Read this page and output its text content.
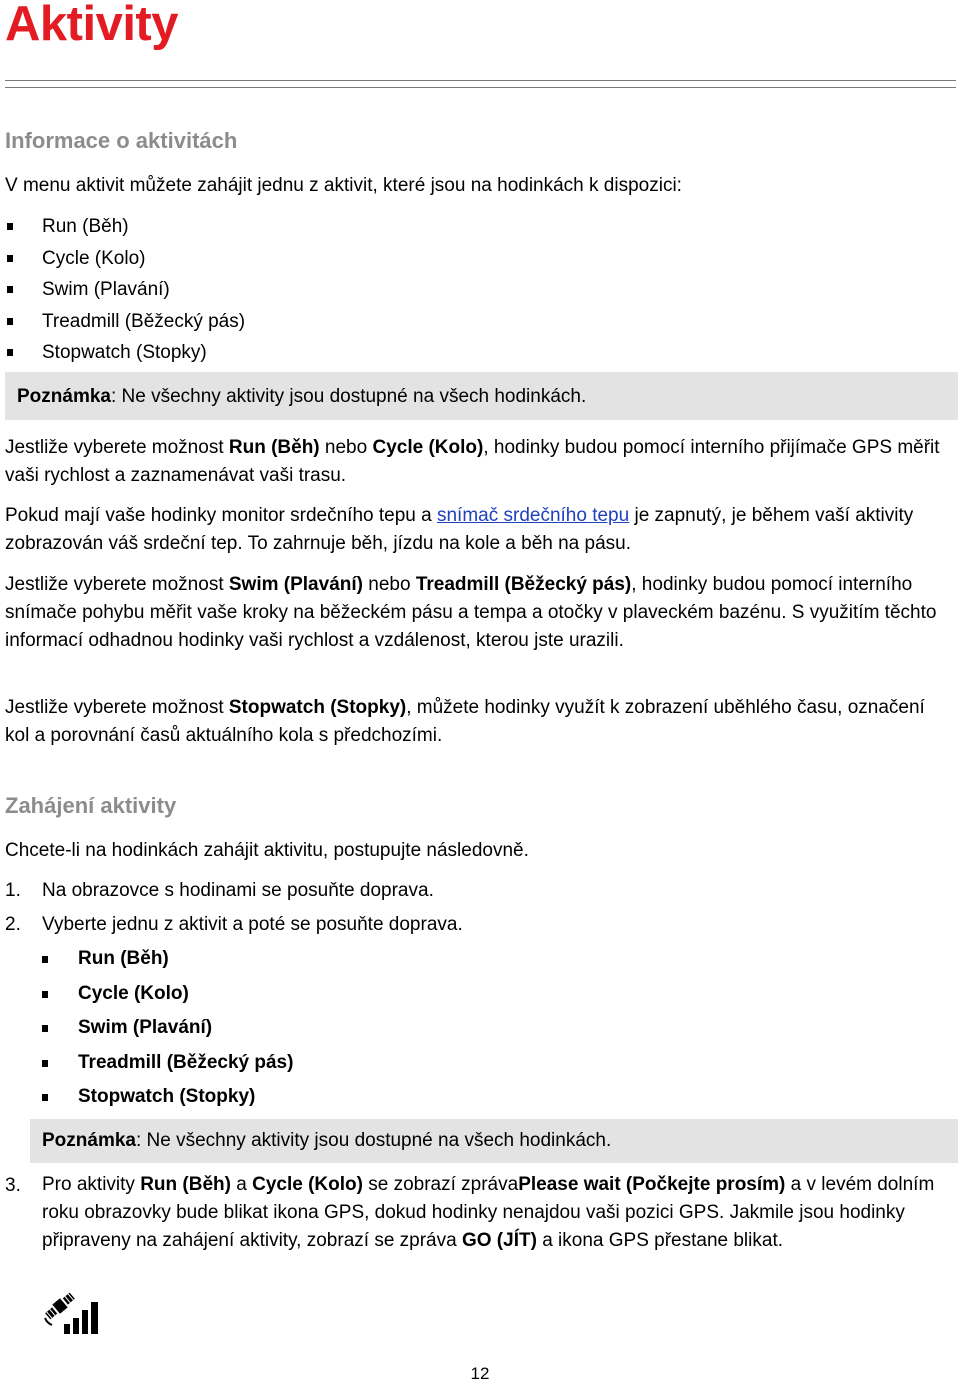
Aktivity
Informace o aktivitách

V menu aktivit můžete zahájit jednu z aktivit, které jsou na hodinkách k dispozici:

Run (Běh)
Cycle (Kolo)
Swim (Plavání)
Treadmill (Běžecký pás)
Stopwatch (Stopky)
Poznámka: Ne všechny aktivity jsou dostupné na všech hodinkách.

Jestliže vyberete možnost Run (Běh) nebo Cycle (Kolo), hodinky budou pomocí interního přijímače GPS měřit vaši rychlost a zaznamenávat vaši trasu.

Pokud mají vaše hodinky monitor srdečního tepu a snímač srdečního tepu je zapnutý, je během vaší aktivity zobrazován váš srdeční tep. To zahrnuje běh, jízdu na kole a běh na pásu.

Jestliže vyberete možnost Swim (Plavání) nebo Treadmill (Běžecký pás), hodinky budou pomocí interního snímače pohybu měřit vaše kroky na běžeckém pásu a tempa a otočky v plaveckém bazénu. S využitím těchto informací odhadnou hodinky vaši rychlost a vzdálenost, kterou jste urazili.

Jestliže vyberete možnost Stopwatch (Stopky), můžete hodinky využít k zobrazení uběhlého času, označení kol a porovnání časů aktuálního kola s předchozími.

Zahájení aktivity

Chcete-li na hodinkách zahájit aktivitu, postupujte následovně.

1. Na obrazovce s hodinami se posuňte doprava.
2. Vyberte jednu z aktivit a poté se posuňte doprava.
Run (Běh)
Cycle (Kolo)
Swim (Plavání)
Treadmill (Běžecký pás)
Stopwatch (Stopky)
Poznámka: Ne všechny aktivity jsou dostupné na všech hodinkách.
3. Pro aktivity Run (Běh) a Cycle (Kolo) se zobrazí zprávaPlease wait (Počkejte prosím) a v levém dolním roku obrazovky bude blikat ikona GPS, dokud hodinky nenajdou vaši pozici GPS. Jakmile jsou hodinky připraveny na zahájení aktivity, zobrazí se zpráva GO (JÍT) a ikona GPS přestane blikat.
12
